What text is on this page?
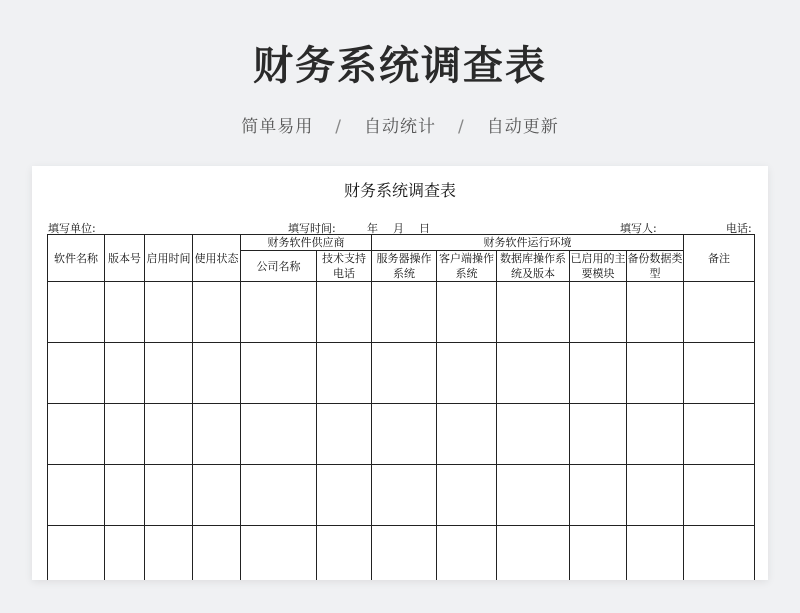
财务系统调查表
简单易用 / 自动统计 / 自动更新
财务系统调查表
填写单位:	填写时间:	年 月 日	填写人:	电话:
软件名称	版本号	启用时间	使用状态	财务软件供应商		财务软件运行环境					备注
				公司名称	技术支持电话	服务器操作系统	客户端操作系统	数据库操作系统及版本	已启用的主要模块	备份数据类型	
